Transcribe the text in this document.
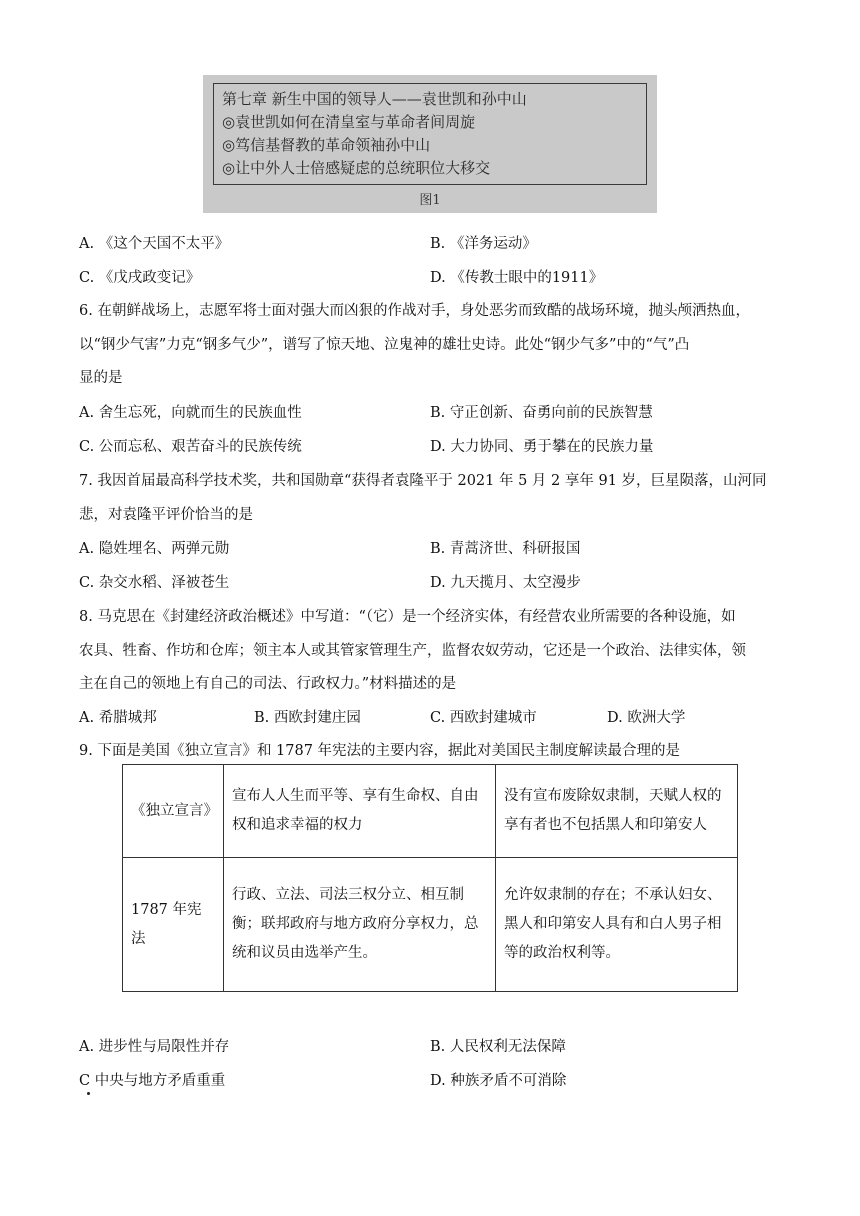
第七章 新生中国的领导人——袁世凯和孙中山
◎袁世凯如何在清皇室与革命者间周旋
◎笃信基督教的革命领袖孙中山
◎让中外人士倍感疑虑的总统职位大移交
图1
A. 《这个天国不太平》	B. 《洋务运动》
C. 《戊戌政变记》	D. 《传教士眼中的1911》
6. 在朝鲜战场上，志愿军将士面对强大而凶狠的作战对手，身处恶劣而致酷的战场环境，抛头颅洒热血，
以“钢少气害”力克“钢多气少”，谱写了惊天地、泣鬼神的雄壮史诗。此处“钢少气多”中的“气”凸
显的是
A. 舍生忘死，向就而生的民族血性	B. 守正创新、奋勇向前的民族智慧
C. 公而忘私、艰苦奋斗的民族传统	D. 大力协同、勇于攀在的民族力量
7. 我因首届最高科学技术奖，共和国勋章“获得者袁隆平于 2021 年 5 月 2 享年 91 岁，巨星陨落，山河同
悲，对袁隆平评价恰当的是
A. 隐姓埋名、两弹元勋	B. 青蒿济世、科研报国
C. 杂交水稻、泽被苍生	D. 九天揽月、太空漫步
8. 马克思在《封建经济政治概述》中写道：“（它）是一个经济实体，有经营农业所需要的各种设施，如
农具、牲畜、作坊和仓库；领主本人或其管家管理生产，监督农奴劳动，它还是一个政治、法律实体，领
主在自己的领地上有自己的司法、行政权力。”材料描述的是
A. 希腊城邦	B. 西欧封建庄园	C. 西欧封建城市	D. 欧洲大学
9. 下面是美国《独立宣言》和 1787 年宪法的主要内容，据此对美国民主制度解读最合理的是
《独立宣言》	宣布人人生而平等、享有生命权、自由权和追求幸福的权力	没有宣布废除奴隶制，天赋人权的享有者也不包括黑人和印第安人
1787 年宪法	行政、立法、司法三权分立、相互制衡；联邦政府与地方政府分享权力，总统和议员由选举产生。	允许奴隶制的存在；不承认妇女、黑人和印第安人具有和白人男子相等的政治权利等。
A. 进步性与局限性并存	B. 人民权利无法保障
C 中央与地方矛盾重重	D. 种族矛盾不可消除
